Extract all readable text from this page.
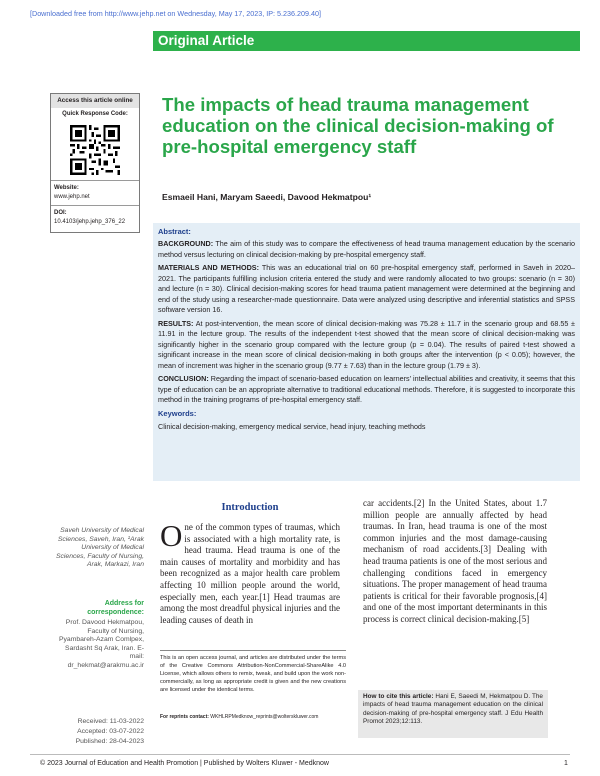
[Downloaded free from http://www.jehp.net on Wednesday, May 17, 2023, IP: 5.236.209.40]
Original Article
Access this article online
Quick Response Code:
Website:
www.jehp.net
DOI:
10.4103/jehp.jehp_376_22
The impacts of head trauma management education on the clinical decision-making of pre-hospital emergency staff
Esmaeil Hani, Maryam Saeedi, Davood Hekmatpou¹
Abstract:

BACKGROUND: The aim of this study was to compare the effectiveness of head trauma management education by the scenario method versus lecturing on clinical decision-making by pre-hospital emergency staff.

MATERIALS AND METHODS: This was an educational trial on 60 pre-hospital emergency staff, performed in Saveh in 2020–2021. The participants fulfilling inclusion criteria entered the study and were randomly allocated to two groups: scenario (n = 30) and lecture (n = 30). Clinical decision-making scores for head trauma patient management were determined at the beginning and end of the study using a researcher-made questionnaire. Data were analyzed using descriptive and inferential statistics and SPSS software version 16.

RESULTS: At post-intervention, the mean score of clinical decision-making was 75.28 ± 11.7 in the scenario group and 68.55 ± 11.91 in the lecture group. The results of the independent t-test showed that the mean score of clinical decision-making was significantly higher in the scenario group compared with the lecture group (p = 0.04). The results of paired t-test showed a significant increase in the mean score of clinical decision-making in both groups after the intervention (p < 0.05); however, the mean of increment was higher in the scenario group (9.77 ± 7.63) than in the lecture group (1.79 ± 3).

CONCLUSION: Regarding the impact of scenario-based education on learners’ intellectual abilities and creativity, it seems that this type of education can be an appropriate alternative to traditional educational methods. Therefore, it is suggested to incorporate this method in the training programs of pre-hospital emergency staff.

Keywords:
Clinical decision-making, emergency medical service, head injury, teaching methods
Introduction
One of the common types of traumas, which is associated with a high mortality rate, is head trauma. Head trauma is one of the main causes of mortality and morbidity and has been recognized as a major health care problem affecting 10 million people around the world, especially men, each year.[1] Head traumas are among the most dreadful physical injuries and the leading causes of death in
car accidents.[2] In the United States, about 1.7 million people are annually affected by head traumas. In Iran, head trauma is one of the most common injuries and the most damage-causing mechanism of road accidents.[3] Dealing with head trauma patients is one of the most serious and challenging conditions faced in emergency situations. The proper management of head trauma patients is critical for their favorable prognosis,[4] and one of the most important determinants in this process is correct clinical decision-making.[5]
Saveh University of Medical Sciences, Saveh, Iran, ¹Arak University of Medical Sciences, Faculty of Nursing, Arak, Markazi, Iran
Address for correspondence:
Prof. Davood Hekmatpou, Faculty of Nursing, Pyambareh-Azam Comlpex, Sardasht Sq Arak, Iran. E-mail: dr_hekmat@arakmu.ac.ir
Received: 11-03-2022
Accepted: 03-07-2022
Published: 28-04-2023
This is an open access journal, and articles are distributed under the terms of the Creative Commons Attribution-NonCommercial-ShareAlike 4.0 License, which allows others to remix, tweak, and build upon the work non-commercially, as long as appropriate credit is given and the new creations are licensed under the identical terms.
For reprints contact: WKHLRPMedknow_reprints@wolterskluwer.com
How to cite this article: Hani E, Saeedi M, Hekmatpou D. The impacts of head trauma management education on the clinical decision-making of pre-hospital emergency staff. J Edu Health Promot 2023;12:113.
© 2023 Journal of Education and Health Promotion | Published by Wolters Kluwer - Medknow	1
